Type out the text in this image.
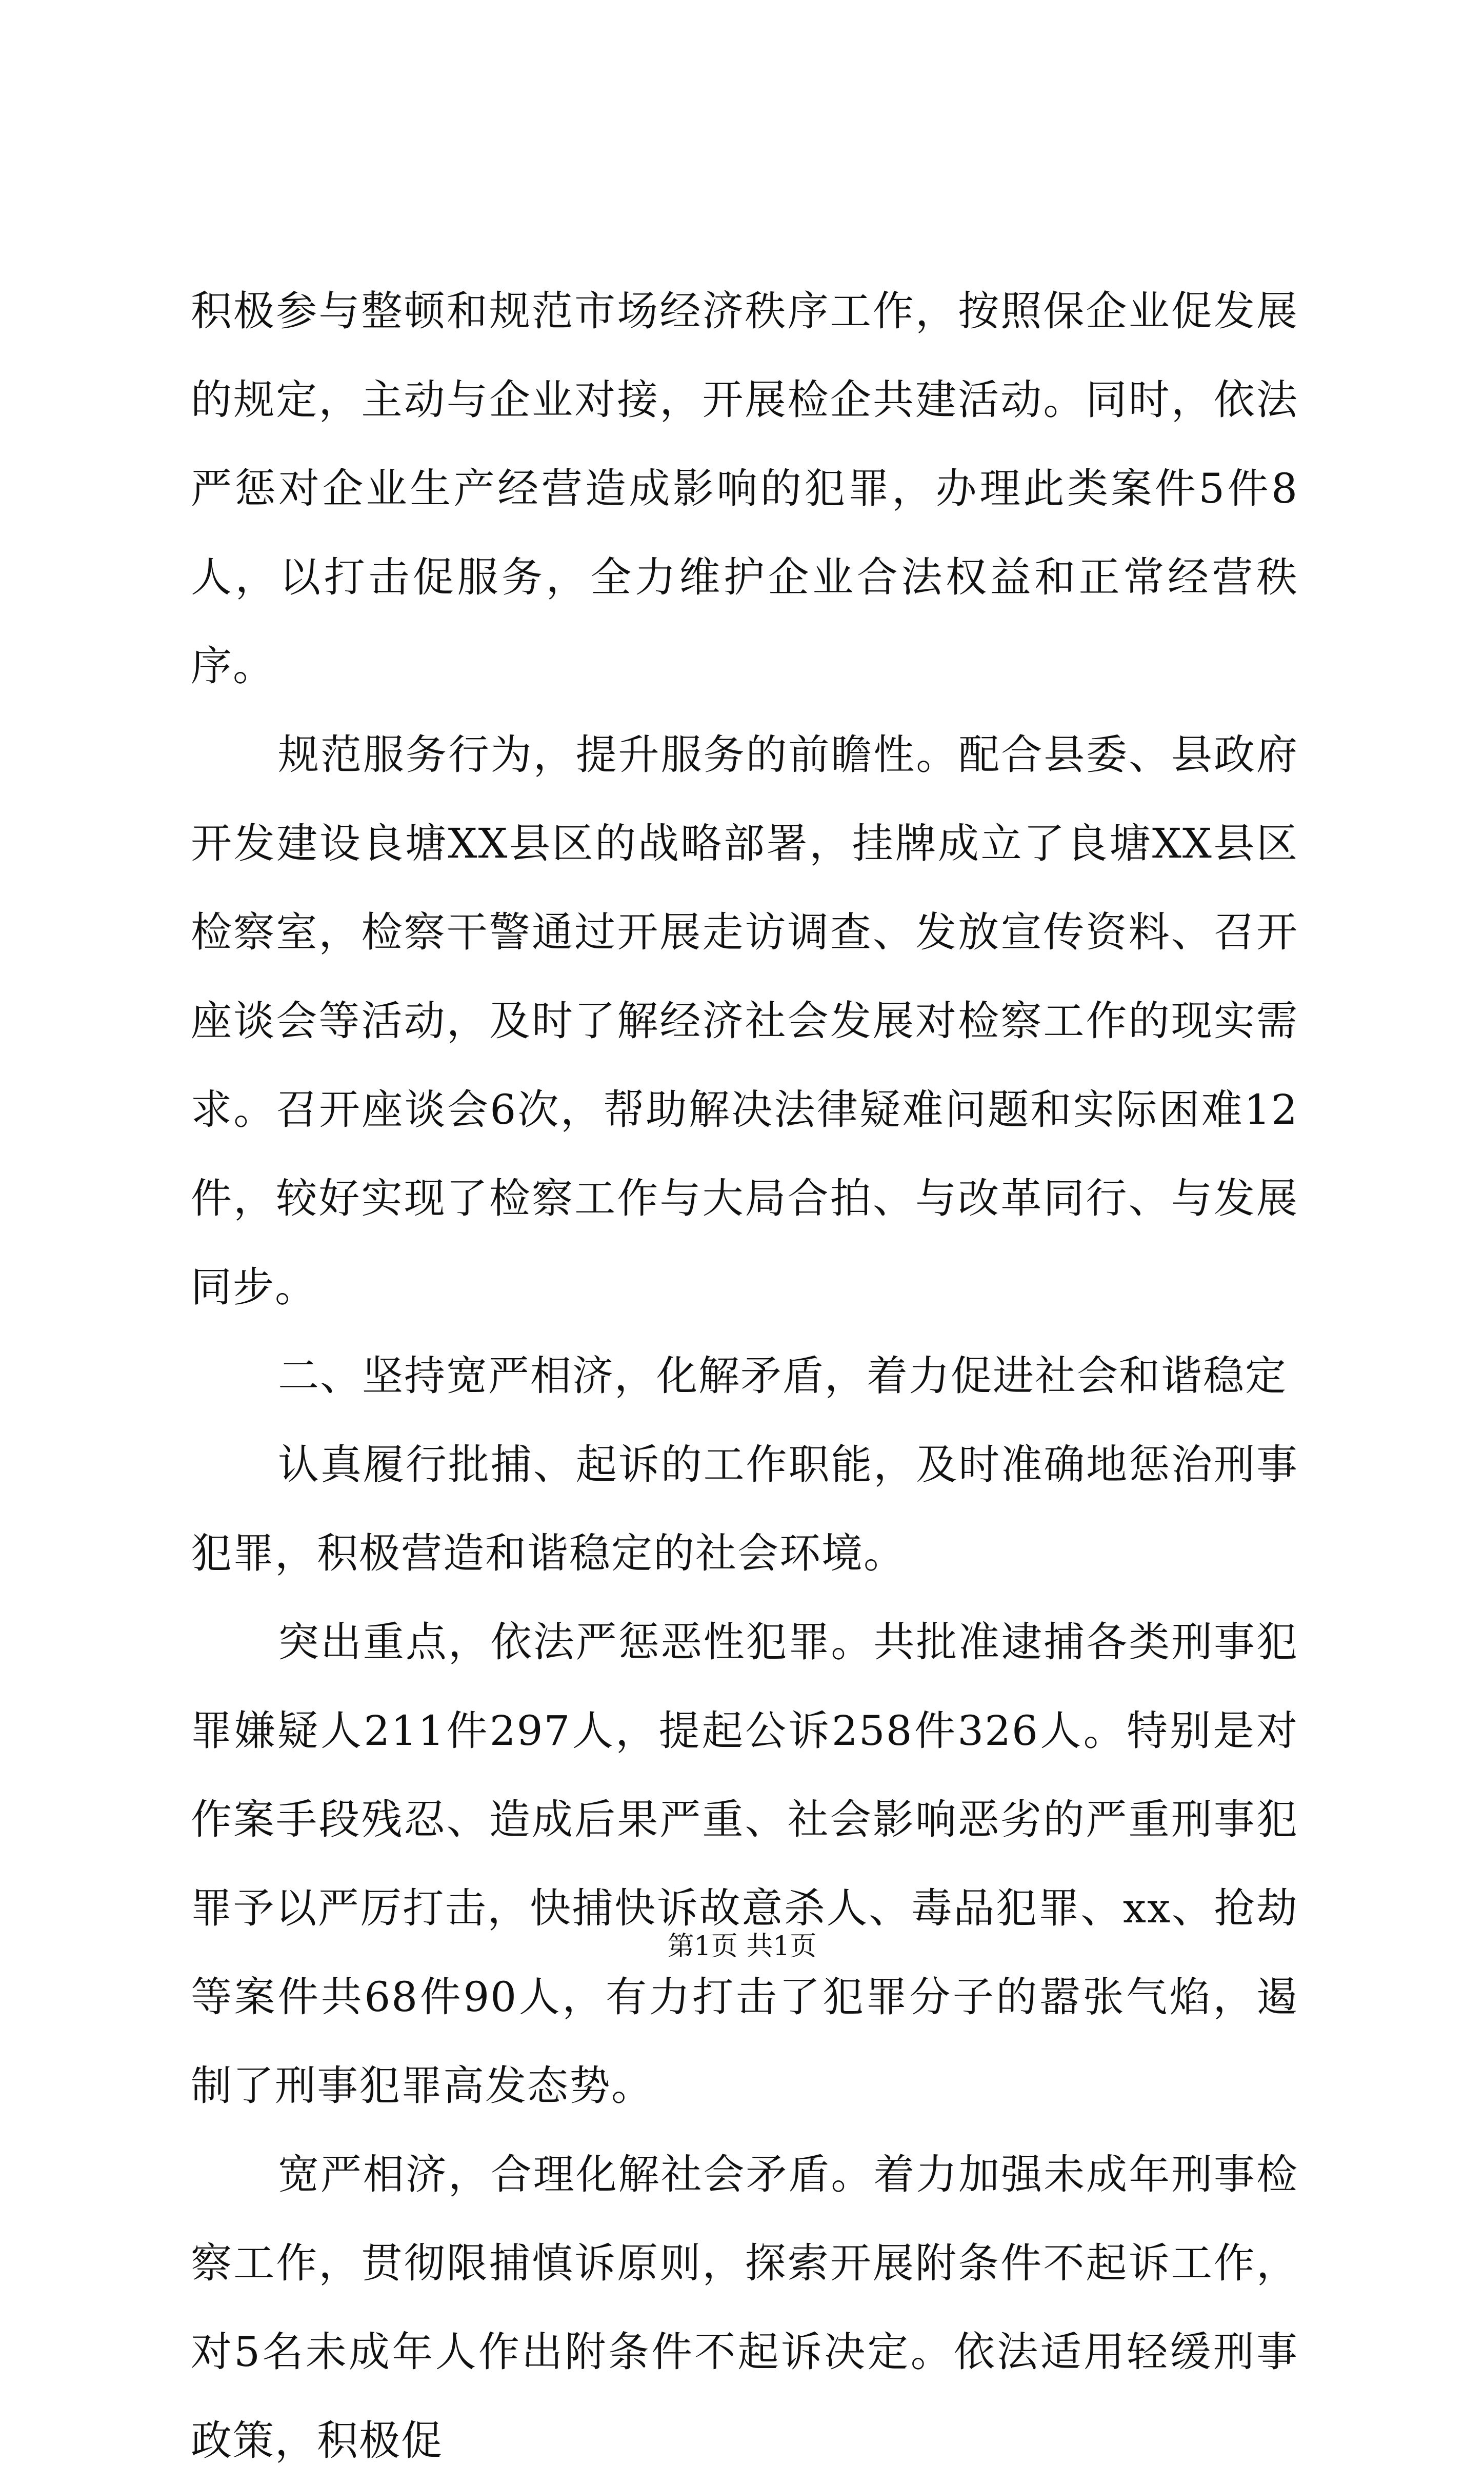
积极参与整顿和规范市场经济秩序工作，按照保企业促发展的规定，主动与企业对接，开展检企共建活动。同时，依法严惩对企业生产经营造成影响的犯罪，办理此类案件5件8人，以打击促服务，全力维护企业合法权益和正常经营秩序。

规范服务行为，提升服务的前瞻性。配合县委、县政府开发建设良塘XX县区的战略部署，挂牌成立了良塘XX县区检察室，检察干警通过开展走访调查、发放宣传资料、召开座谈会等活动，及时了解经济社会发展对检察工作的现实需求。召开座谈会6次，帮助解决法律疑难问题和实际困难12件，较好实现了检察工作与大局合拍、与改革同行、与发展同步。

二、坚持宽严相济，化解矛盾，着力促进社会和谐稳定

认真履行批捕、起诉的工作职能，及时准确地惩治刑事犯罪，积极营造和谐稳定的社会环境。

突出重点，依法严惩恶性犯罪。共批准逮捕各类刑事犯罪嫌疑人211件297人，提起公诉258件326人。特别是对作案手段残忍、造成后果严重、社会影响恶劣的严重刑事犯罪予以严厉打击，快捕快诉故意杀人、毒品犯罪、xx、抢劫等案件共68件90人，有力打击了犯罪分子的嚣张气焰，遏制了刑事犯罪高发态势。

宽严相济，合理化解社会矛盾。着力加强未成年刑事检察工作，贯彻限捕慎诉原则，探索开展附条件不起诉工作，对5名未成年人作出附条件不起诉决定。依法适用轻缓刑事政策，积极促

第1页 共1页
